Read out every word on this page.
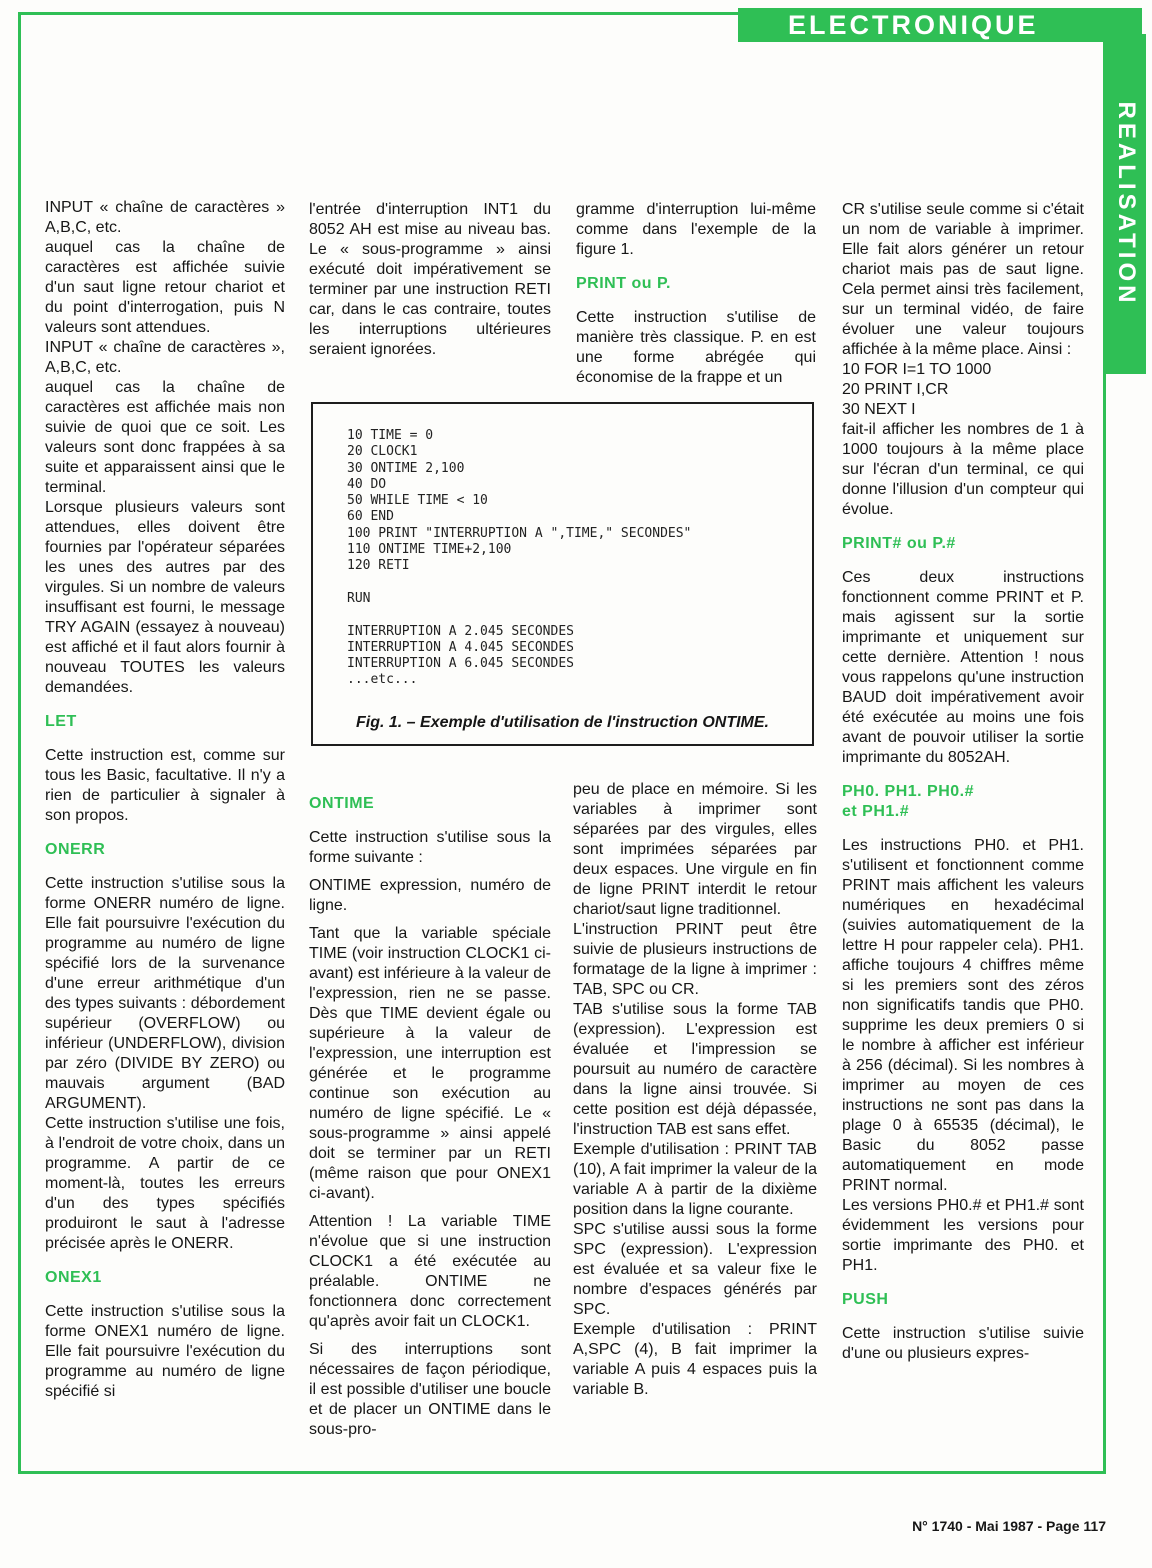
ELECTRONIQUE
REALISATION

INPUT « chaîne de caractères » A,B,C, etc.

auquel cas la chaîne de caractères est affichée suivie d'un saut ligne retour chariot et du point d'interrogation, puis N valeurs sont attendues.

INPUT « chaîne de caractères », A,B,C, etc.

auquel cas la chaîne de caractères est affichée mais non suivie de quoi que ce soit. Les valeurs sont donc frappées à sa suite et apparaissent ainsi que le terminal.

Lorsque plusieurs valeurs sont attendues, elles doivent être fournies par l'opérateur séparées les unes des autres par des virgules. Si un nombre de valeurs insuffisant est fourni, le message TRY AGAIN (essayez à nouveau) est affiché et il faut alors fournir à nouveau TOUTES les valeurs demandées.

LET

Cette instruction est, comme sur tous les Basic, facultative. Il n'y a rien de particulier à signaler à son propos.

ONERR

Cette instruction s'utilise sous la forme ONERR numéro de ligne. Elle fait poursuivre l'exécution du programme au numéro de ligne spécifié lors de la survenance d'une erreur arithmétique d'un des types suivants : débordement supérieur (OVERFLOW) ou inférieur (UNDERFLOW), division par zéro (DIVIDE BY ZERO) ou mauvais argument (BAD ARGUMENT).

Cette instruction s'utilise une fois, à l'endroit de votre choix, dans un programme. A partir de ce moment-là, toutes les erreurs d'un des types spécifiés produiront le saut à l'adresse précisée après le ONERR.

ONEX1

Cette instruction s'utilise sous la forme ONEX1 numéro de ligne. Elle fait poursuivre l'exécution du programme au numéro de ligne spécifié si

l'entrée d'interruption INT1 du 8052 AH est mise au niveau bas. Le « sous-programme » ainsi exécuté doit impérativement se terminer par une instruction RETI car, dans le cas contraire, toutes les interruptions ultérieures seraient ignorées.

gramme d'interruption lui-même comme dans l'exemple de la figure 1.

PRINT ou P.

Cette instruction s'utilise de manière très classique. P. en est une forme abrégée qui économise de la frappe et un

10 TIME = 0
20 CLOCK1
30 ONTIME 2,100
40 DO
50 WHILE TIME < 10
60 END
100 PRINT "INTERRUPTION A ",TIME," SECONDES"
110 ONTIME TIME+2,100
120 RETI

RUN

INTERRUPTION A 2.045 SECONDES
INTERRUPTION A 4.045 SECONDES
INTERRUPTION A 6.045 SECONDES
...etc...
Fig. 1. – Exemple d'utilisation de l'instruction ONTIME.
ONTIME

Cette instruction s'utilise sous la forme suivante :

ONTIME expression, numéro de ligne.

Tant que la variable spéciale TIME (voir instruction CLOCK1 ci-avant) est inférieure à la valeur de l'expression, rien ne se passe. Dès que TIME devient égale ou supérieure à la valeur de l'expression, une interruption est générée et le programme continue son exécution au numéro de ligne spécifié. Le « sous-programme » ainsi appelé doit se terminer par un RETI (même raison que pour ONEX1 ci-avant).

Attention ! La variable TIME n'évolue que si une instruction CLOCK1 a été exécutée au préalable. ONTIME ne fonctionnera donc correctement qu'après avoir fait un CLOCK1.

Si des interruptions sont nécessaires de façon périodique, il est possible d'utiliser une boucle et de placer un ONTIME dans le sous-pro-

peu de place en mémoire. Si les variables à imprimer sont séparées par des virgules, elles sont imprimées séparées par deux espaces. Une virgule en fin de ligne PRINT interdit le retour chariot/saut ligne traditionnel.

L'instruction PRINT peut être suivie de plusieurs instructions de formatage de la ligne à imprimer : TAB, SPC ou CR.

TAB s'utilise sous la forme TAB (expression). L'expression est évaluée et l'impression se poursuit au numéro de caractère dans la ligne ainsi trouvée. Si cette position est déjà dépassée, l'instruction TAB est sans effet.

Exemple d'utilisation : PRINT TAB (10), A fait imprimer la valeur de la variable A à partir de la dixième position dans la ligne courante.

SPC s'utilise aussi sous la forme SPC (expression). L'expression est évaluée et sa valeur fixe le nombre d'espaces générés par SPC.

Exemple d'utilisation : PRINT A,SPC (4), B fait imprimer la variable A puis 4 espaces puis la variable B.

CR s'utilise seule comme si c'était un nom de variable à imprimer. Elle fait alors générer un retour chariot mais pas de saut ligne. Cela permet ainsi très facilement, sur un terminal vidéo, de faire évoluer une valeur toujours affichée à la même place. Ainsi :

10 FOR I=1 TO 1000

20 PRINT I,CR

30 NEXT I

fait-il afficher les nombres de 1 à 1000 toujours à la même place sur l'écran d'un terminal, ce qui donne l'illusion d'un compteur qui évolue.

PRINT# ou P.#

Ces deux instructions fonctionnent comme PRINT et P. mais agissent sur la sortie imprimante et uniquement sur cette dernière. Attention ! nous vous rappelons qu'une instruction BAUD doit impérativement avoir été exécutée au moins une fois avant de pouvoir utiliser la sortie imprimante du 8052AH.

PH0. PH1. PH0.#
et PH1.#

Les instructions PH0. et PH1. s'utilisent et fonctionnent comme PRINT mais affichent les valeurs numériques en hexadécimal (suivies automatiquement de la lettre H pour rappeler cela). PH1. affiche toujours 4 chiffres même si les premiers sont des zéros non significatifs tandis que PH0. supprime les deux premiers 0 si le nombre à afficher est inférieur à 256 (décimal). Si les nombres à imprimer au moyen de ces instructions ne sont pas dans la plage 0 à 65535 (décimal), le Basic du 8052 passe automatiquement en mode PRINT normal.

Les versions PH0.# et PH1.# sont évidemment les versions pour sortie imprimante des PH0. et PH1.

PUSH

Cette instruction s'utilise suivie d'une ou plusieurs expres-

N° 1740 - Mai 1987 - Page 117
